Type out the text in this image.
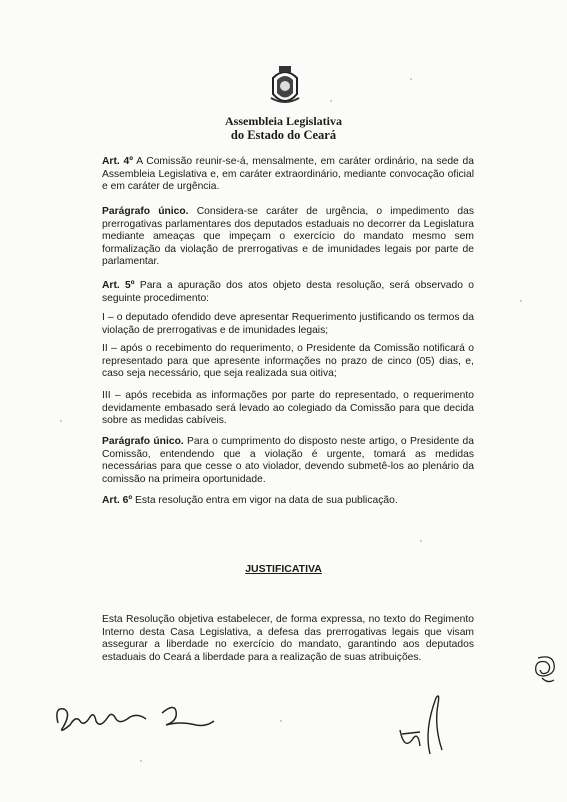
Assembleia Legislativa
do Estado do Ceará
Art. 4º A Comissão reunir-se-á, mensalmente, em caráter ordinário, na sede da Assembleia Legislativa e, em caráter extraordinário, mediante convocação oficial e em caráter de urgência.
Parágrafo único. Considera-se caráter de urgência, o impedimento das prerrogativas parlamentares dos deputados estaduais no decorrer da Legislatura mediante ameaças que impeçam o exercício do mandato mesmo sem formalização da violação de prerrogativas e de imunidades legais por parte de parlamentar.
Art. 5º Para a apuração dos atos objeto desta resolução, será observado o seguinte procedimento:
I – o deputado ofendido deve apresentar Requerimento justificando os termos da violação de prerrogativas e de imunidades legais;
II – após o recebimento do requerimento, o Presidente da Comissão notificará o representado para que apresente informações no prazo de cinco (05) dias, e, caso seja necessário, que seja realizada sua oitiva;
III – após recebida as informações por parte do representado, o requerimento devidamente embasado será levado ao colegiado da Comissão para que decida sobre as medidas cabíveis.
Parágrafo único. Para o cumprimento do disposto neste artigo, o Presidente da Comissão, entendendo que a violação é urgente, tomará as medidas necessárias para que cesse o ato violador, devendo submetê-los ao plenário da comissão na primeira oportunidade.
Art. 6º Esta resolução entra em vigor na data de sua publicação.
JUSTIFICATIVA
Esta Resolução objetiva estabelecer, de forma expressa, no texto do Regimento Interno desta Casa Legislativa, a defesa das prerrogativas legais que visam assegurar a liberdade no exercício do mandato, garantindo aos deputados estaduais do Ceará a liberdade para a realização de suas atribuições.
